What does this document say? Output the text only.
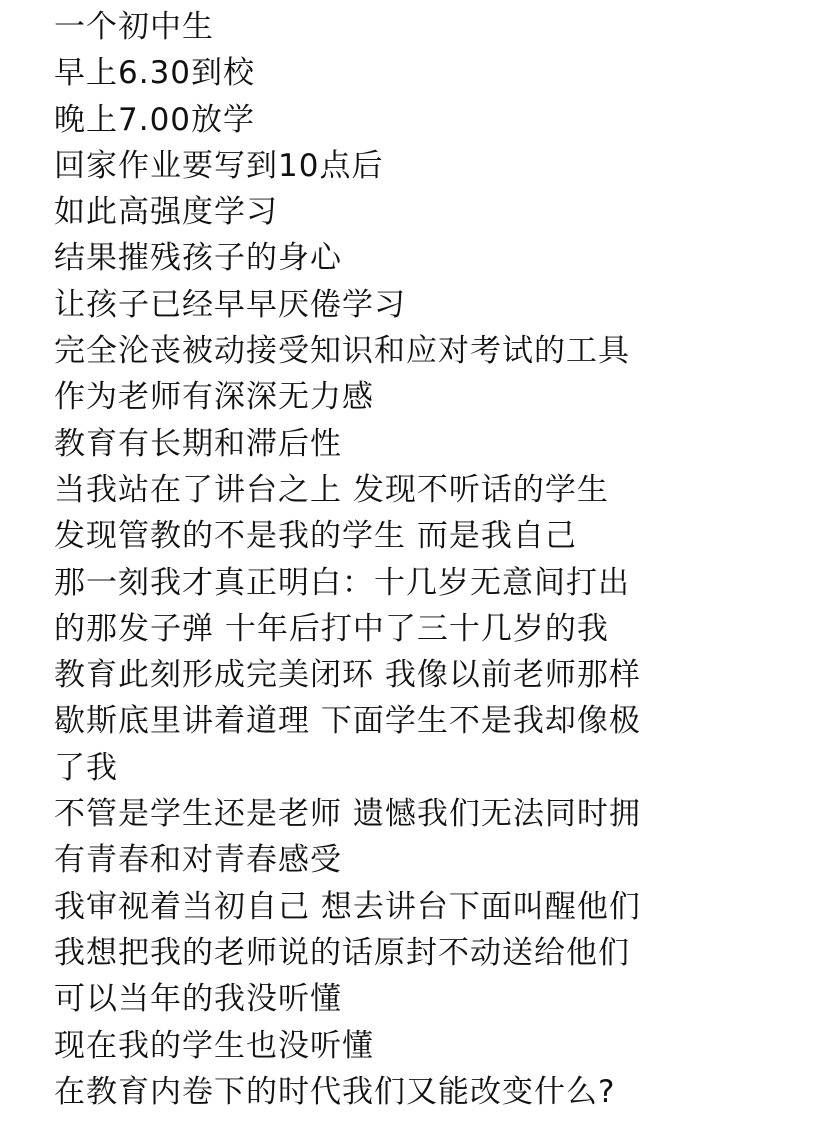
一个初中生
早上6.30到校
晚上7.00放学
回家作业要写到10点后
如此高强度学习
结果摧残孩子的身心
让孩子已经早早厌倦学习
完全沦丧被动接受知识和应对考试的工具
作为老师有深深无力感
教育有长期和滞后性
当我站在了讲台之上 发现不听话的学生
发现管教的不是我的学生 而是我自己
那一刻我才真正明白：十几岁无意间打出
的那发子弹 十年后打中了三十几岁的我
教育此刻形成完美闭环 我像以前老师那样
歇斯底里讲着道理 下面学生不是我却像极
了我
不管是学生还是老师 遗憾我们无法同时拥
有青春和对青春感受
我审视着当初自己 想去讲台下面叫醒他们
我想把我的老师说的话原封不动送给他们
可以当年的我没听懂
现在我的学生也没听懂
在教育内卷下的时代我们又能改变什么?
